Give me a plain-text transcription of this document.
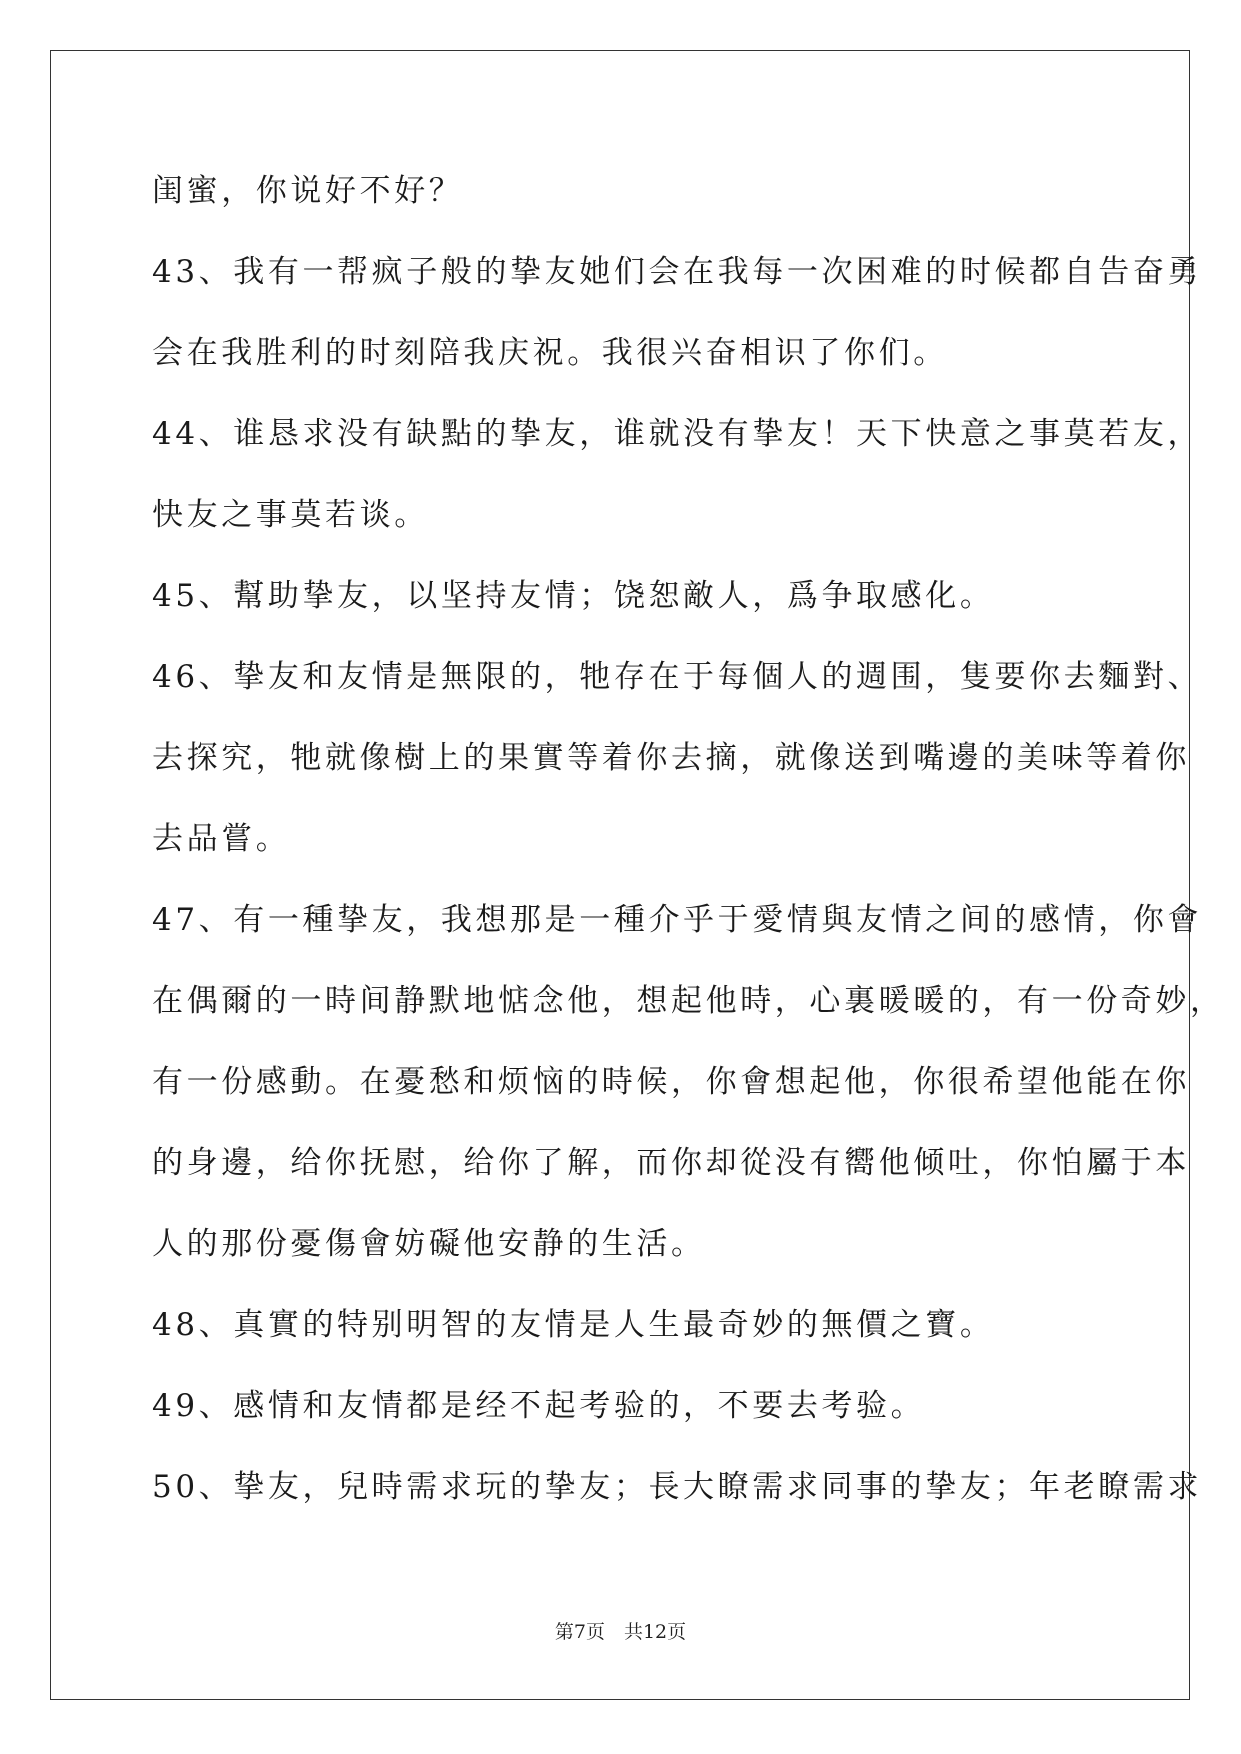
闺蜜，你说好不好？
43、我有一帮疯子般的挚友她们会在我每一次困难的时候都自告奋勇
会在我胜利的时刻陪我庆祝。我很兴奋相识了你们。
44、谁恳求没有缺點的挚友，谁就没有挚友！天下快意之事莫若友，
快友之事莫若谈。
45、幫助挚友，以坚持友情；饶恕敵人，爲争取感化。
46、挚友和友情是無限的，牠存在于每個人的週围，隻要你去麵對、
去探究，牠就像樹上的果實等着你去摘，就像送到嘴邊的美味等着你
去品嘗。
47、有一種挚友，我想那是一種介乎于愛情與友情之间的感情，你會
在偶爾的一時间静默地惦念他，想起他時，心裏暖暖的，有一份奇妙，
有一份感動。在憂愁和烦恼的時候，你會想起他，你很希望他能在你
的身邊，给你抚慰，给你了解，而你却從没有嚮他倾吐，你怕屬于本
人的那份憂傷會妨礙他安静的生活。
48、真實的特别明智的友情是人生最奇妙的無價之寶。
49、感情和友情都是经不起考验的，不要去考验。
50、挚友，兒時需求玩的挚友；長大瞭需求同事的挚友；年老瞭需求
第7页　共12页
